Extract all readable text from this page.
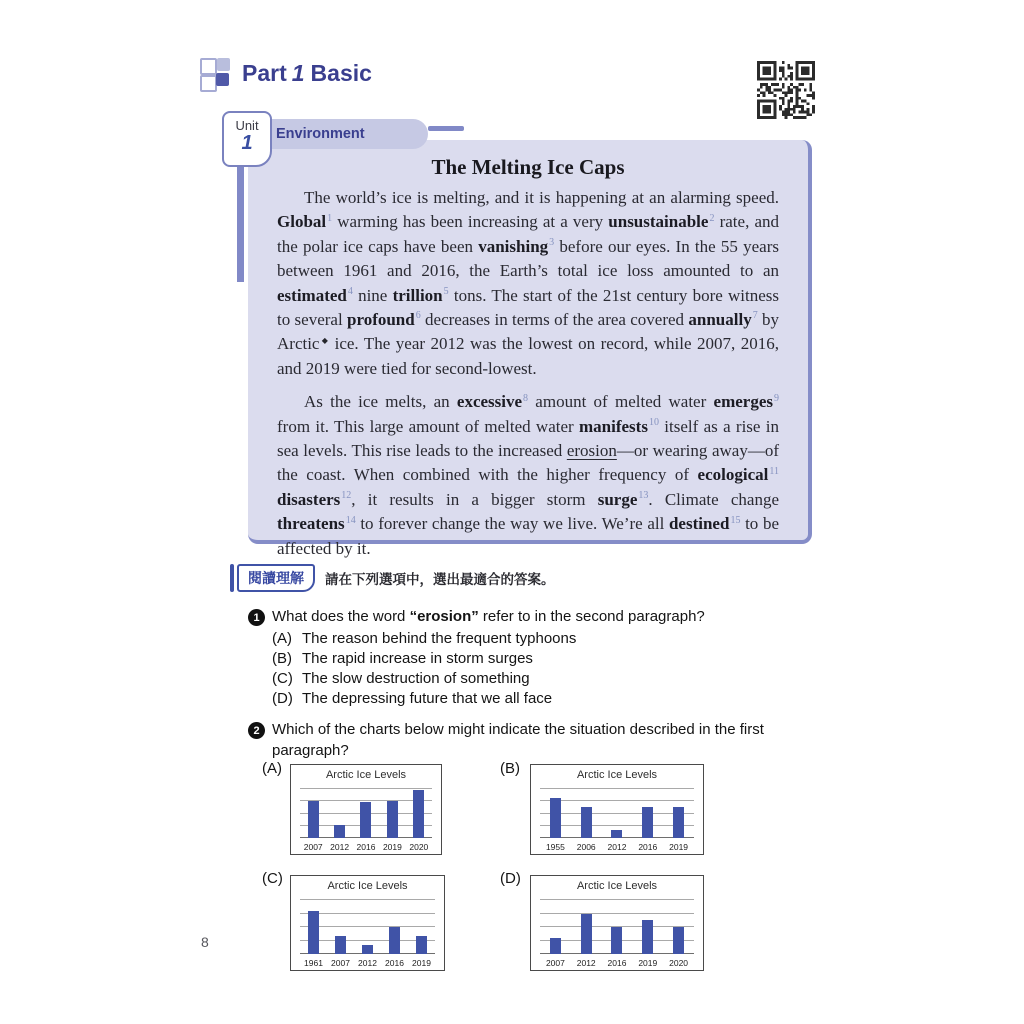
Part 1 Basic
Unit
1	Environment
The Melting Ice Caps

The world’s ice is melting, and it is happening at an alarming speed. Global$^1$ warming has been increasing at a very unsustainable$^2$ rate, and the polar ice caps have been vanishing$^3$ before our eyes. In the 55 years between 1961 and 2016, the Earth’s total ice loss amounted to an estimated$^4$ nine trillion$^5$ tons. The start of the 21st century bore witness to several profound$^6$ decreases in terms of the area covered annually$^7$ by Arctic◆ ice. The year 2012 was the lowest on record, while 2007, 2016, and 2019 were tied for second-lowest.

As the ice melts, an excessive$^8$ amount of melted water emerges$^9$ from it. This large amount of melted water manifests$^{10}$ itself as a rise in sea levels. This rise leads to the increased erosion—or wearing away—of the coast. When combined with the higher frequency of ecological$^{11}$ disasters$^{12}$, it results in a bigger storm surge$^{13}$. Climate change threatens$^{14}$ to forever change the way we live. We’re all destined$^{15}$ to be affected by it.

閱讀理解	請在下列選項中，選出最適合的答案。
1 What does the word “erosion” refer to in the second paragraph?
(A) The reason behind the frequent typhoons
(B) The rapid increase in storm surges
(C) The slow destruction of something
(D) The depressing future that we all face
2 Which of the charts below might indicate the situation described in the first paragraph?
(A)	Arctic Ice Levels
2007 2012 2016 2019 2020
(B)	Arctic Ice Levels
1955	2006	2012	2016	2019
(C)	Arctic Ice Levels
1961 2007 2012 2016 2019
(D)	Arctic Ice Levels
2007	2012	2016	2019	2020
8
